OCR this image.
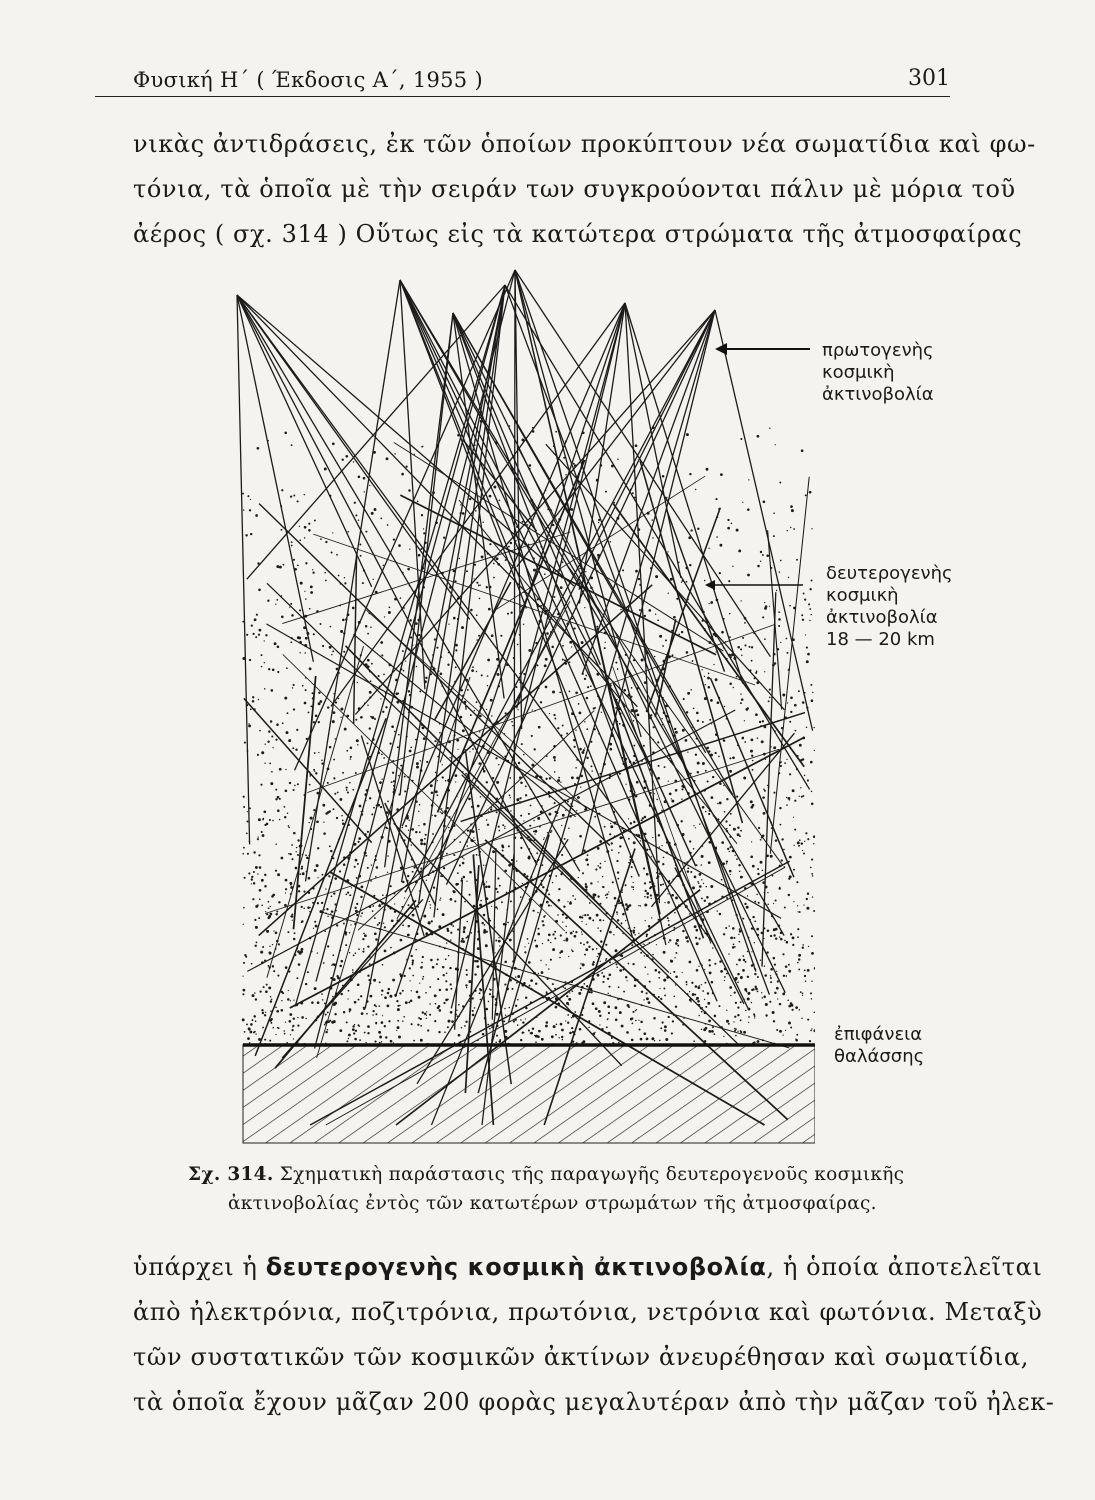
Φυσική Η΄ ( Έκδοσις Α΄, 1955 )	301
νικὰς ἀντιδράσεις, ἐκ τῶν ὁποίων προκύπτουν νέα σωματίδια καὶ φω-
τόνια, τὰ ὁποῖα μὲ τὴν σειράν των συγκρούονται πάλιν μὲ μόρια τοῦ
ἀέρος ( σχ. 314 ) Οὕτως εἰς τὰ κατώτερα στρώματα τῆς ἀτμοσφαίρας
πρωτογενὴς
κοσμικὴ
ἀκτινοβολία
δευτερογενὴς
κοσμικὴ
ἀκτινοβολία
18 — 20 km
ἐπιφάνεια
θαλάσσης
Σχ. 314. Σχηματικὴ παράστασις τῆς παραγωγῆς δευτερογενοῦς κοσμικῆς
ἀκτινοβολίας ἐντὸς τῶν κατωτέρων στρωμάτων τῆς ἀτμοσφαίρας.
ὑπάρχει ἡ δευτερογενὴς κοσμικὴ ἀκτινοβολία, ἡ ὁποία ἀποτελεῖται
ἀπὸ ἠλεκτρόνια, ποζιτρόνια, πρωτόνια, νετρόνια καὶ φωτόνια. Μεταξὺ
τῶν συστατικῶν τῶν κοσμικῶν ἀκτίνων ἀνευρέθησαν καὶ σωματίδια,
τὰ ὁποῖα ἔχουν μᾶζαν 200 φορὰς μεγαλυτέραν ἀπὸ τὴν μᾶζαν τοῦ ἠλεκ-
